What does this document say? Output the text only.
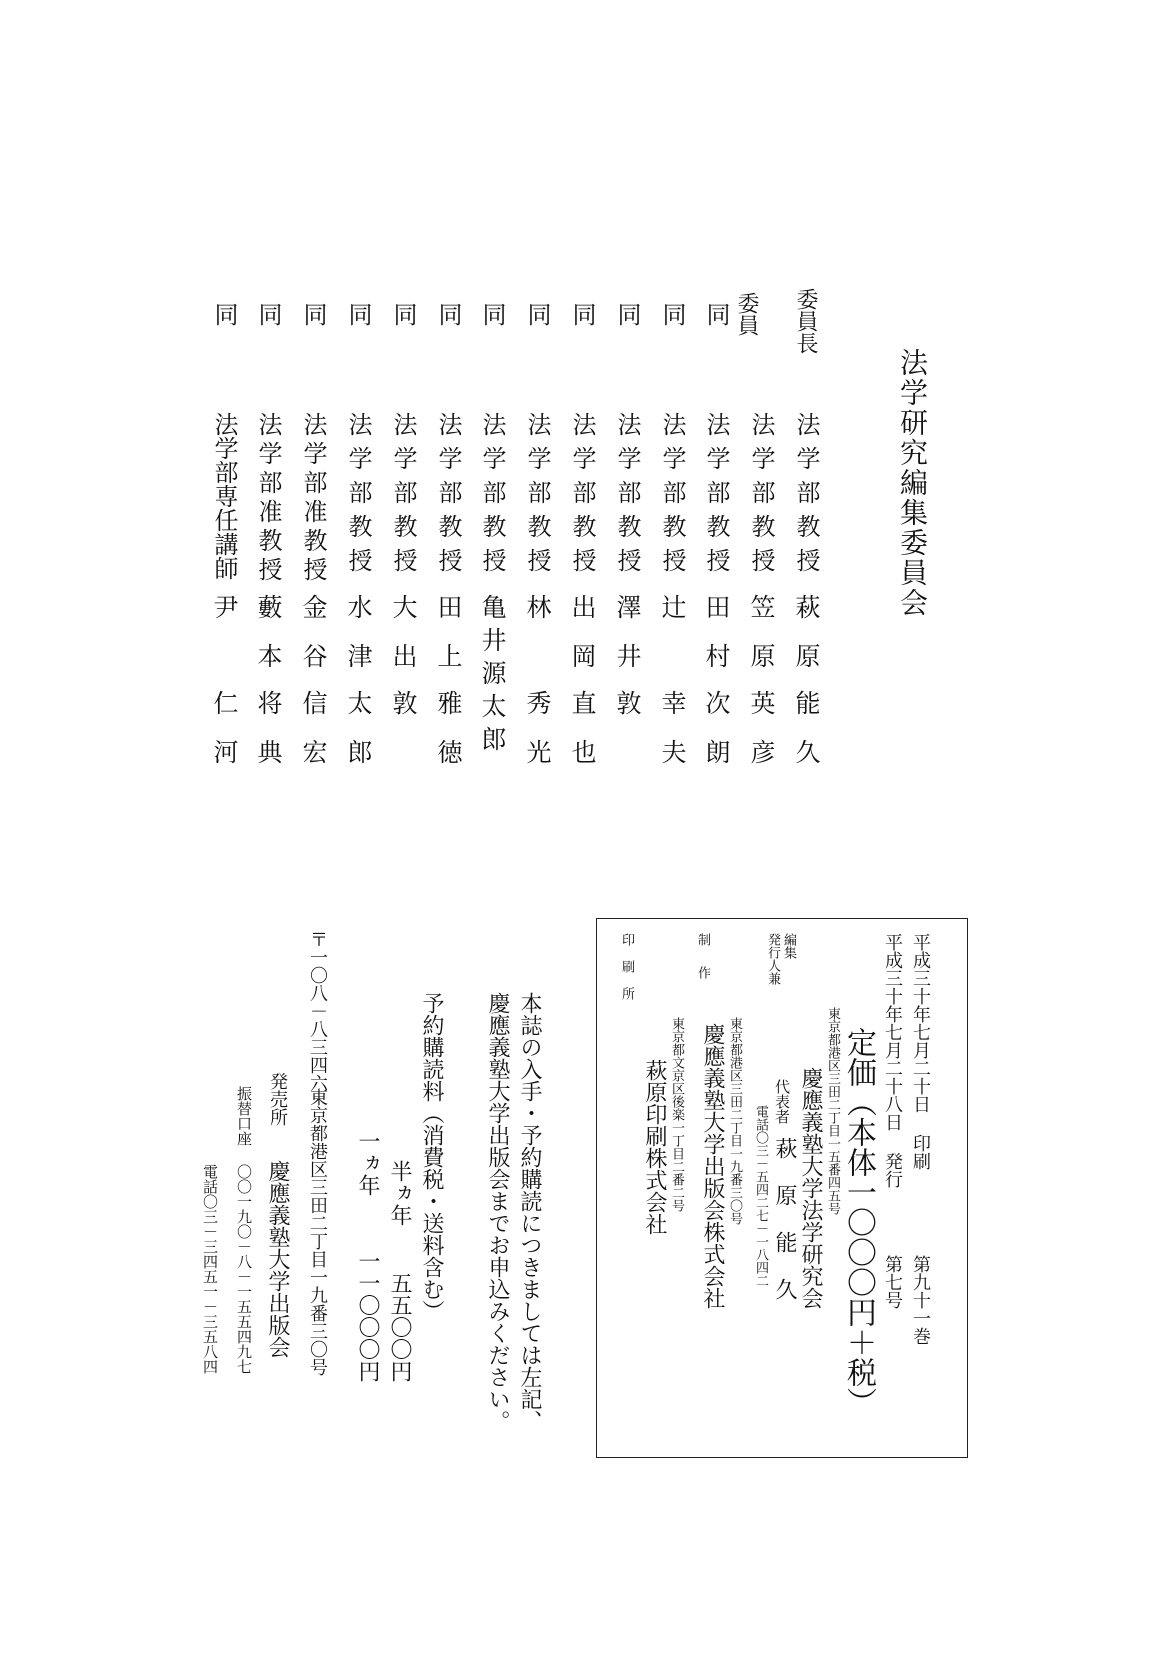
法学研究編集委員会
委員長
法学部教授
萩原
能久
委員
法学部教授
笠原
英彦
同
法学部教授
田村
次朗
同
法学部教授
辻
幸夫
同
法学部教授
澤井
敦
同
法学部教授
出岡
直也
同
法学部教授
林
秀光
同
法学部教授
亀井源太郎
同
法学部教授
田上
雅徳
同
法学部教授
大出
敦
同
法学部教授
水津
太郎
同
法学部准教授
金谷
信宏
同
法学部准教授
藪本
将典
同
法学部専任講師
尹
仁河
平成三十年七月二十日 印刷
第九十一巻
平成三十年七月二十八日 発行
第七号
定価（本体一〇〇〇円＋税）
東京都港区三田二丁目一五番四五号
編集
発行人兼
慶應義塾大学法学研究会
代表者
萩 原 能 久
電話〇三－五四二七－一八四二
東京都港区三田二丁目一九番三〇号
制作
慶應義塾大学出版会株式会社
東京都文京区後楽一丁目二番二号
印刷所
萩原印刷株式会社
本誌の入手・予約購読につきましては左記、
慶應義塾大学出版会までお申込みください。
予約購読料（消費税・送料含む）
半ヵ年
五五〇〇円
一ヵ年
一一〇〇〇円
〒一〇八－八三四六
東京都港区三田二丁目一九番三〇号
発売所
慶應義塾大学出版会
振替口座 〇〇一九〇－八－一五五四九七
電話〇三－三四五一－三五八四
